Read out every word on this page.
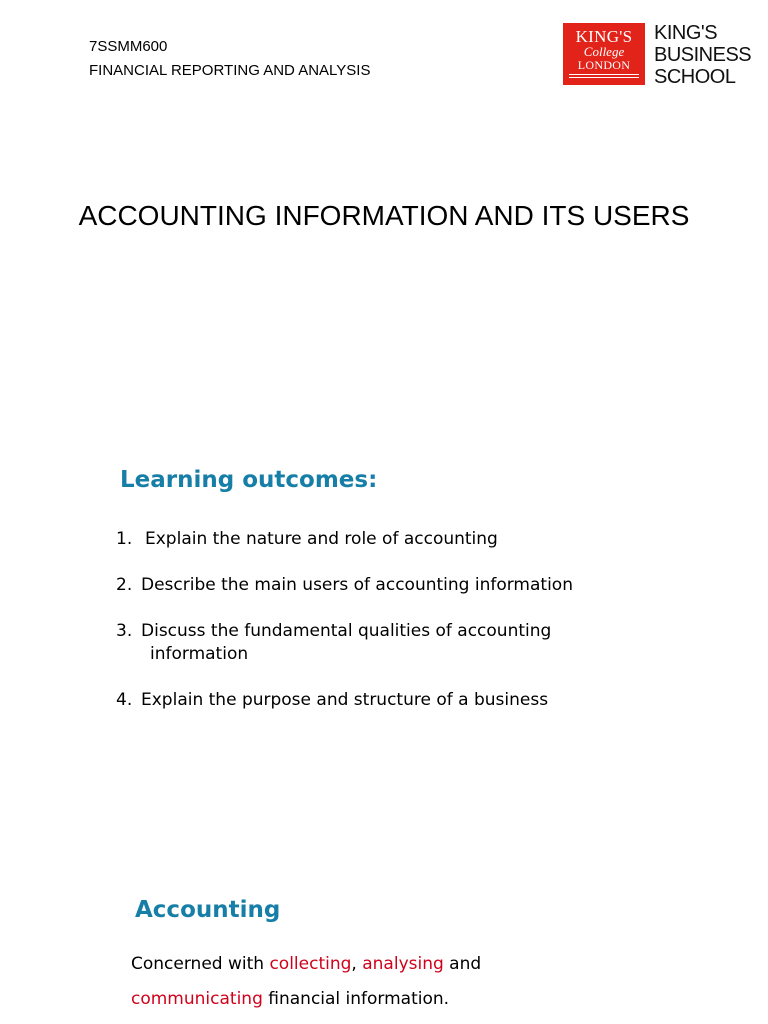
7SSMM600
FINANCIAL REPORTING AND ANALYSIS
KING'S
College
LONDON
KING'S
BUSINESS
SCHOOL
ACCOUNTING INFORMATION AND ITS USERS
Learning outcomes:
1. Explain the nature and role of accounting
2. Describe the main users of accounting information
3. Discuss the fundamental qualities of accounting
information
4. Explain the purpose and structure of a business
Accounting

Concerned with collecting, analysing and
communicating financial information.
